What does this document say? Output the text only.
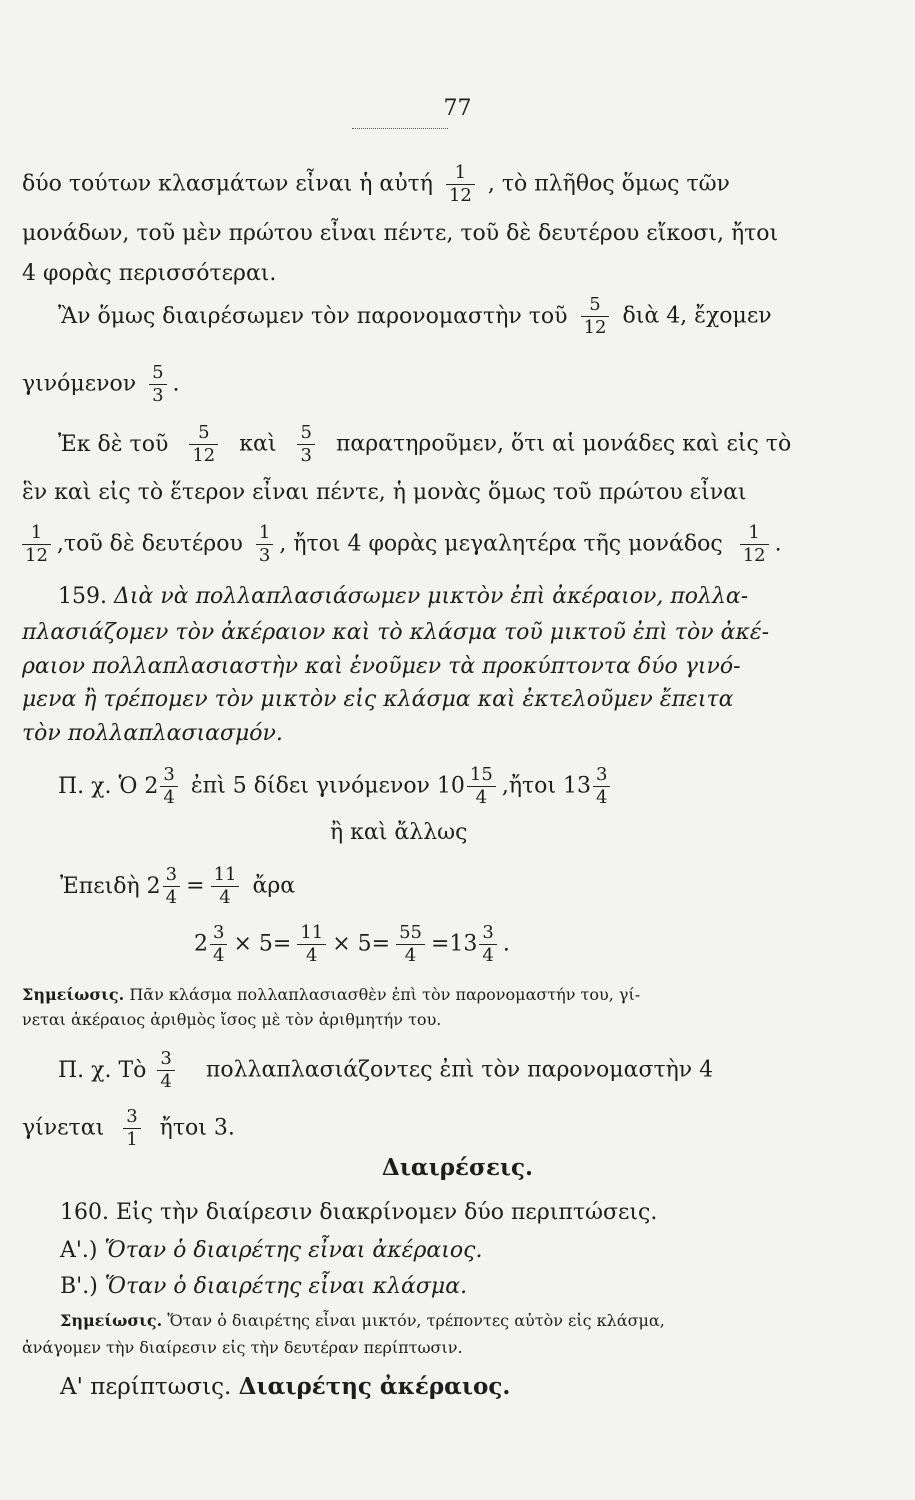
77
δύο τούτων κλασμάτων εἶναι ἡ αὐτή $\frac{1}{12}$ , τὸ πλῆθος ὅμως τῶν
μονάδων, τοῦ μὲν πρώτου εἶναι πέντε, τοῦ δὲ δευτέρου εἴκοσι, ἤτοι
4 φορὰς περισσότεραι.
Ἂν ὅμως διαιρέσωμεν τὸν παρονομαστὴν τοῦ $\frac{5}{12}$ διὰ 4, ἔχομεν
γινόμενον $\frac{5}{3}$ .
Ἐκ δὲ τοῦ $\frac{5}{12}$ καὶ $\frac{5}{3}$ παρατηροῦμεν, ὅτι αἱ μονάδες καὶ εἰς τὸ
ἓν καὶ εἰς τὸ ἕτερον εἶναι πέντε, ἡ μονὰς ὅμως τοῦ πρώτου εἶναι
$\frac{1}{12}$ ,τοῦ δὲ δευτέρου $\frac{1}{3}$ , ἤτοι 4 φορὰς μεγαλητέρα τῆς μονάδος $\frac{1}{12}$ .
159. Διὰ νὰ πολλαπλασιάσωμεν μικτὸν ἐπὶ ἀκέραιον, πολλα-
πλασιάζομεν τὸν ἀκέραιον καὶ τὸ κλάσμα τοῦ μικτοῦ ἐπὶ τὸν ἀκέ-
ραιον πολλαπλασιαστὴν καὶ ἑνοῦμεν τὰ προκύπτοντα δύο γινό-
μενα ἢ τρέπομεν τὸν μικτὸν εἰς κλάσμα καὶ ἐκτελοῦμεν ἔπειτα
τὸν πολλαπλασιασμόν.
Π. χ. Ὁ $2 \frac{3}{4}$ ἐπὶ 5 δίδει γινόμενον $10 \frac{15}{4}$ ,ἤτοι $13 \frac{3}{4}$
ἢ καὶ ἄλλως
Ἐπειδὴ $2 \frac{3}{4} = \frac{11}{4}$ ἄρα
$2 \frac{3}{4} \times 5= \frac{11}{4} \times 5= \frac{55}{4} =13 \frac{3}{4}$ .
Σημείωσις. Πᾶν κλάσμα πολλαπλασιασθὲν ἐπὶ τὸν παρονομαστήν του, γί-
νεται ἀκέραιος ἀριθμὸς ἴσος μὲ τὸν ἀριθμητήν του.
Π. χ. Τὸ $\frac{3}{4}$ πολλαπλασιάζοντες ἐπὶ τὸν παρονομαστὴν 4
γίνεται $\frac{3}{1}$ ἤτοι 3.
Διαιρέσεις.
160. Εἰς τὴν διαίρεσιν διακρίνομεν δύο περιπτώσεις.
Α'.) Ὅταν ὁ διαιρέτης εἶναι ἀκέραιος.
Β'.) Ὅταν ὁ διαιρέτης εἶναι κλάσμα.
Σημείωσις. Ὅταν ὁ διαιρέτης εἶναι μικτόν, τρέποντες αὐτὸν εἰς κλάσμα,
ἀνάγομεν τὴν διαίρεσιν εἰς τὴν δευτέραν περίπτωσιν.
Α' περίπτωσις. Διαιρέτης ἀκέραιος.
